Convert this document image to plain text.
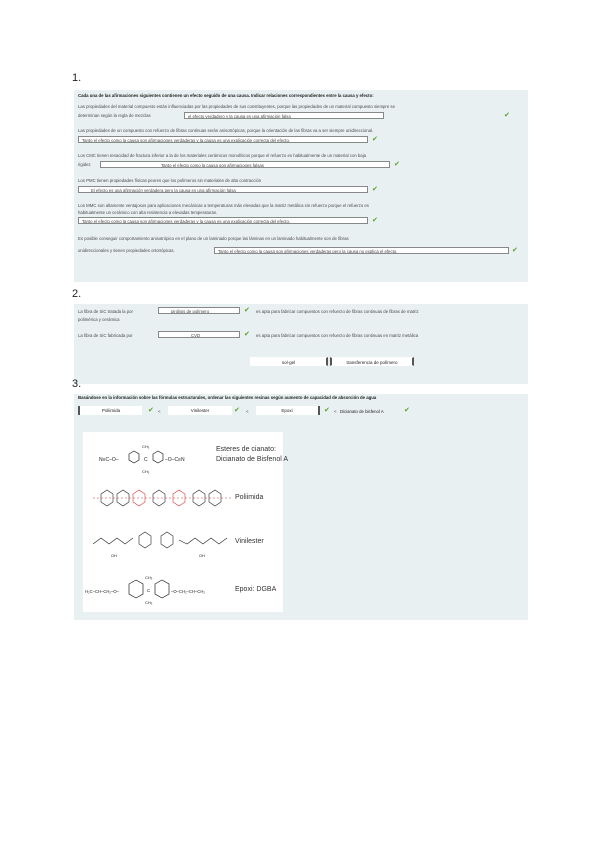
1.
Cada una de las afirmaciones siguientes contienen un efecto seguido de una causa. Indicar relaciones correspondientes entre la causa y efecto:
Las propiedades del material compuesto están influenciadas por las propiedades de sus constituyentes, porque las propiedades de un material compuesto siempre se
determinan según la regla de mezclas	el efecto verdadero y la causa es una afirmación falsa	✔
Las propiedades de un compuesto con refuerzo de fibras continuas serán anisotrópicas, porque la orientación de las fibras va a ser siempre unidireccional.
Tanto el efecto como la causa son afirmaciones verdaderas y la causa es una explicación correcta del efecto.	✔
Los CMC tienen tenacidad de fractura inferior a la de los materiales cerámicos monolíticos porque el refuerzo es habitualmente de un material con baja
rigidez	Tanto el efecto como la causa son afirmaciones falsas	✔
Los PMC tienen propiedades físicas peores que los polímeros sin materiales de alta contracción
El efecto es una afirmación verdadera pero la causa es una afirmación falsa	✔
Los MMC son altamente ventajosos para aplicaciones mecánicas a temperaturas más elevadas que la matriz metálica sin refuerzo porque el refuerzo es
habitualmente un cerámico con alta resistencia a elevadas temperaturas.
Tanto el efecto como la causa son afirmaciones verdaderas y la causa es una explicación correcta del efecto.	✔
Es posible conseguir comportamiento anisotrópico en el plano de un laminado porque las láminas en un laminado habitualmente son de fibras
unidireccionales y tienen propiedades ortotrópicas.	Tanto el efecto como la causa son afirmaciones verdaderas pero la causa no explica el efecto.	✔
2.
La fibra de SiC tratada la por	pirólisis de polímero	✔ es apta para fabricar compuestos con refuerzo de fibras continuas de fibras de matriz
polimérica y cerámica
La fibra de SiC fabricada por	CVD	✔ es apta para fabricar compuestos con refuerzo de fibras continuas en matriz metálica
sol-gel	transferencia de polímero
3.
Basándose en la información sobre las fórmulas estructurales, ordenar las siguientes resinas según aumento de capacidad de absorción de agua
Poliimida	✔ <	Vinilester	✔ <	Epoxi	✔ < Dicianato de bisfenol A	✔
N≡C–O–	C
CH₃
CH₃
–O–C≡N
OH	OH
H₂C–CH–CH₂–O–	C
CH₃
CH₃
–O–CH₂–CH–CH₂
Esteres de cianato:
Dicianato de Bisfenol A
Poliimida
Vinilester
Epoxi: DGBA
